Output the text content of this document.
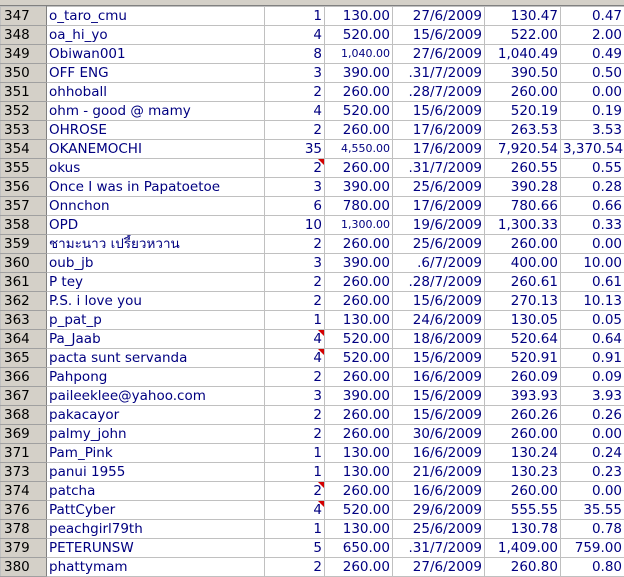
347	o_taro_cmu	1	130.00	27/6/2009	130.47	0.47
348	oa_hi_yo	4	520.00	15/6/2009	522.00	2.00
349	Obiwan001	8	1,040.00	27/6/2009	1,040.49	0.49
350	OFF ENG	3	390.00	.31/7/2009	390.50	0.50
351	ohhoball	2	260.00	.28/7/2009	260.00	0.00
352	ohm - good @ mamy	4	520.00	15/6/2009	520.19	0.19
353	OHROSE	2	260.00	17/6/2009	263.53	3.53
354	OKANEMOCHI	35	4,550.00	17/6/2009	7,920.54	3,370.54
355	okus	2	260.00	.31/7/2009	260.55	0.55
356	Once I was in Papatoetoe	3	390.00	25/6/2009	390.28	0.28
357	Onnchon	6	780.00	17/6/2009	780.66	0.66
358	OPD	10	1,300.00	19/6/2009	1,300.33	0.33
359	ชามะนาว เปรี้ยวหวาน	2	260.00	25/6/2009	260.00	0.00
360	oub_jb	3	390.00	.6/7/2009	400.00	10.00
361	P tey	2	260.00	.28/7/2009	260.61	0.61
362	P.S. i love you	2	260.00	15/6/2009	270.13	10.13
363	p_pat_p	1	130.00	24/6/2009	130.05	0.05
364	Pa_Jaab	4	520.00	18/6/2009	520.64	0.64
365	pacta sunt servanda	4	520.00	15/6/2009	520.91	0.91
366	Pahpong	2	260.00	16/6/2009	260.09	0.09
367	paileeklee@yahoo.com	3	390.00	15/6/2009	393.93	3.93
368	pakacayor	2	260.00	15/6/2009	260.26	0.26
369	palmy_john	2	260.00	30/6/2009	260.00	0.00
371	Pam_Pink	1	130.00	16/6/2009	130.24	0.24
373	panui 1955	1	130.00	21/6/2009	130.23	0.23
374	patcha	2	260.00	16/6/2009	260.00	0.00
376	PattCyber	4	520.00	29/6/2009	555.55	35.55
378	peachgirl79th	1	130.00	25/6/2009	130.78	0.78
379	PETERUNSW	5	650.00	.31/7/2009	1,409.00	759.00
380	phattymam	2	260.00	27/6/2009	260.80	0.80
